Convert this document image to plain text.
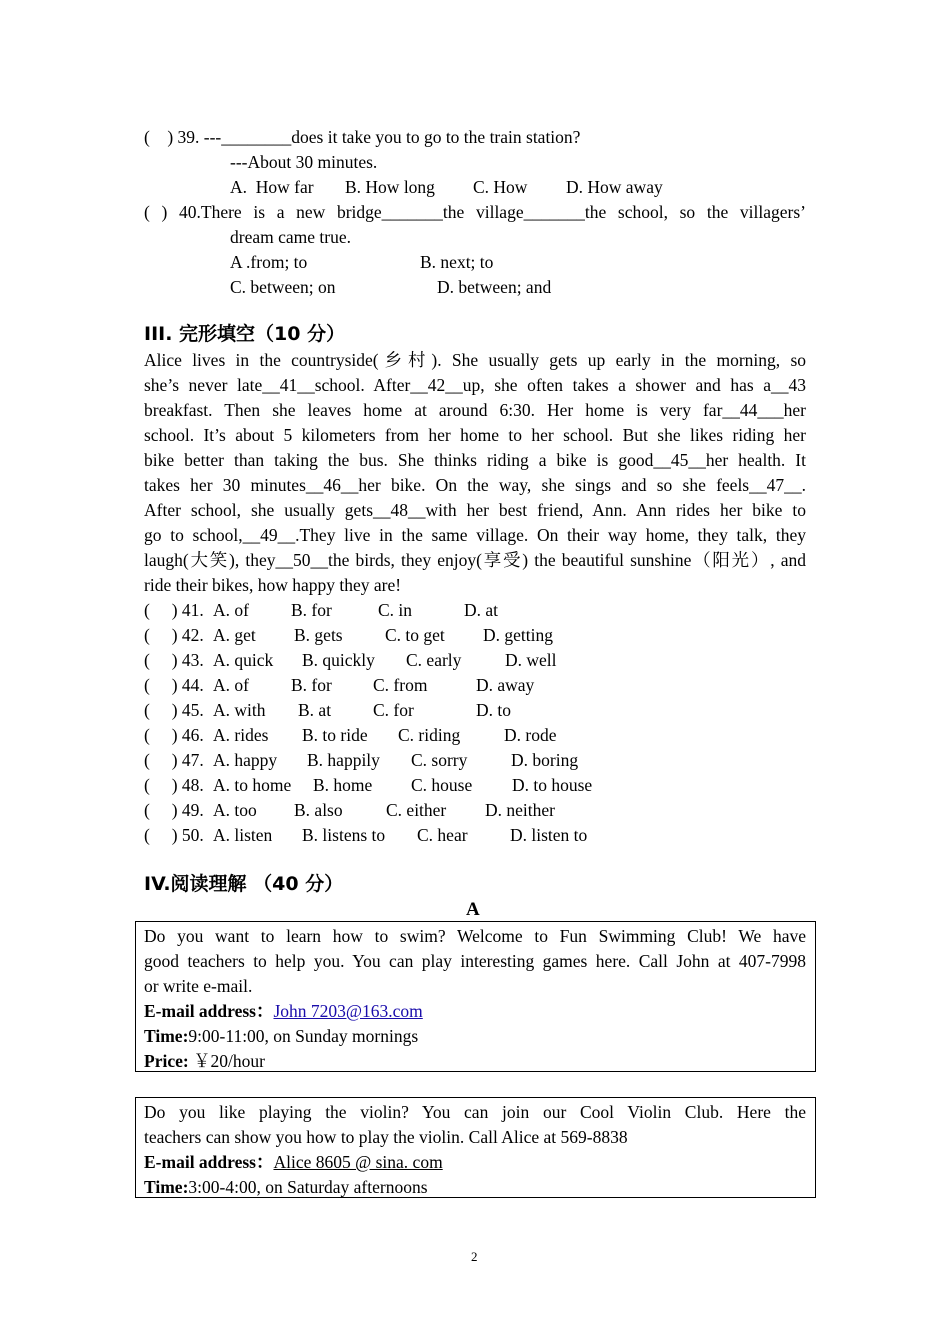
(    ) 39. ---________does it take you to go to the train station?
---About 30 minutes.
A.  How far B. How long C. How D. How away
( ) 40.There is a new bridge_______the village_______the school, so the villagers’
dream came true.
A .from; to	B. next; to
C. between; on	D. between; and
III. 完形填空（10 分）
Alice lives in the countryside(乡村). She usually gets up early in the morning, so
she’s never late__41__school. After__42__up, she often takes a shower and has a__43
breakfast. Then she leaves home at around 6:30. Her home is very far__44___her
school. It’s about 5 kilometers from her home to her school. But she likes riding her
bike better than taking the bus. She thinks riding a bike is good__45__her health. It
takes her 30 minutes__46__her bike. On the way, she sings and so she feels__47__.
After school, she usually gets__48__with her best friend, Ann. Ann rides her bike to
go to school,__49__.They live in the same village. On their way home, they talk, they
laugh(大笑), they__50__the birds, they enjoy(享受) the beautiful sunshine（阳光）, and
ride their bikes, how happy they are!
(     ) 41. A. of B. for	C. in	D. at
(     ) 42. A. get B. gets C. to get D. getting
(     ) 43. A. quick B. quickly C. early D. well
(     ) 44. A. of B. for C. from	D. away
(     ) 45. A. with B. at C. for	D. to
(     ) 46. A. rides B. to ride C. riding	D. rode
(     ) 47. A. happy B. happily C. sorry D. boring
(     ) 48. A. to home B. home C. house D. to house
(     ) 49. A. too B. also C. either D. neither
(     ) 50. A. listen B. listens to C. hear D. listen to
IV.阅读理解 （40 分）
A
Do you want to learn how to swim? Welcome to Fun Swimming Club! We have
good teachers to help you. You can play interesting games here. Call John at 407-7998
or write e-mail.
E-mail address：John 7203@163.com
Time:9:00-11:00, on Sunday mornings
Price: ￥20/hour
Do you like playing the violin? You can join our Cool Violin Club. Here the
teachers can show you how to play the violin. Call Alice at 569-8838
E-mail address：Alice 8605 @ sina. com
Time:3:00-4:00, on Saturday afternoons
2
